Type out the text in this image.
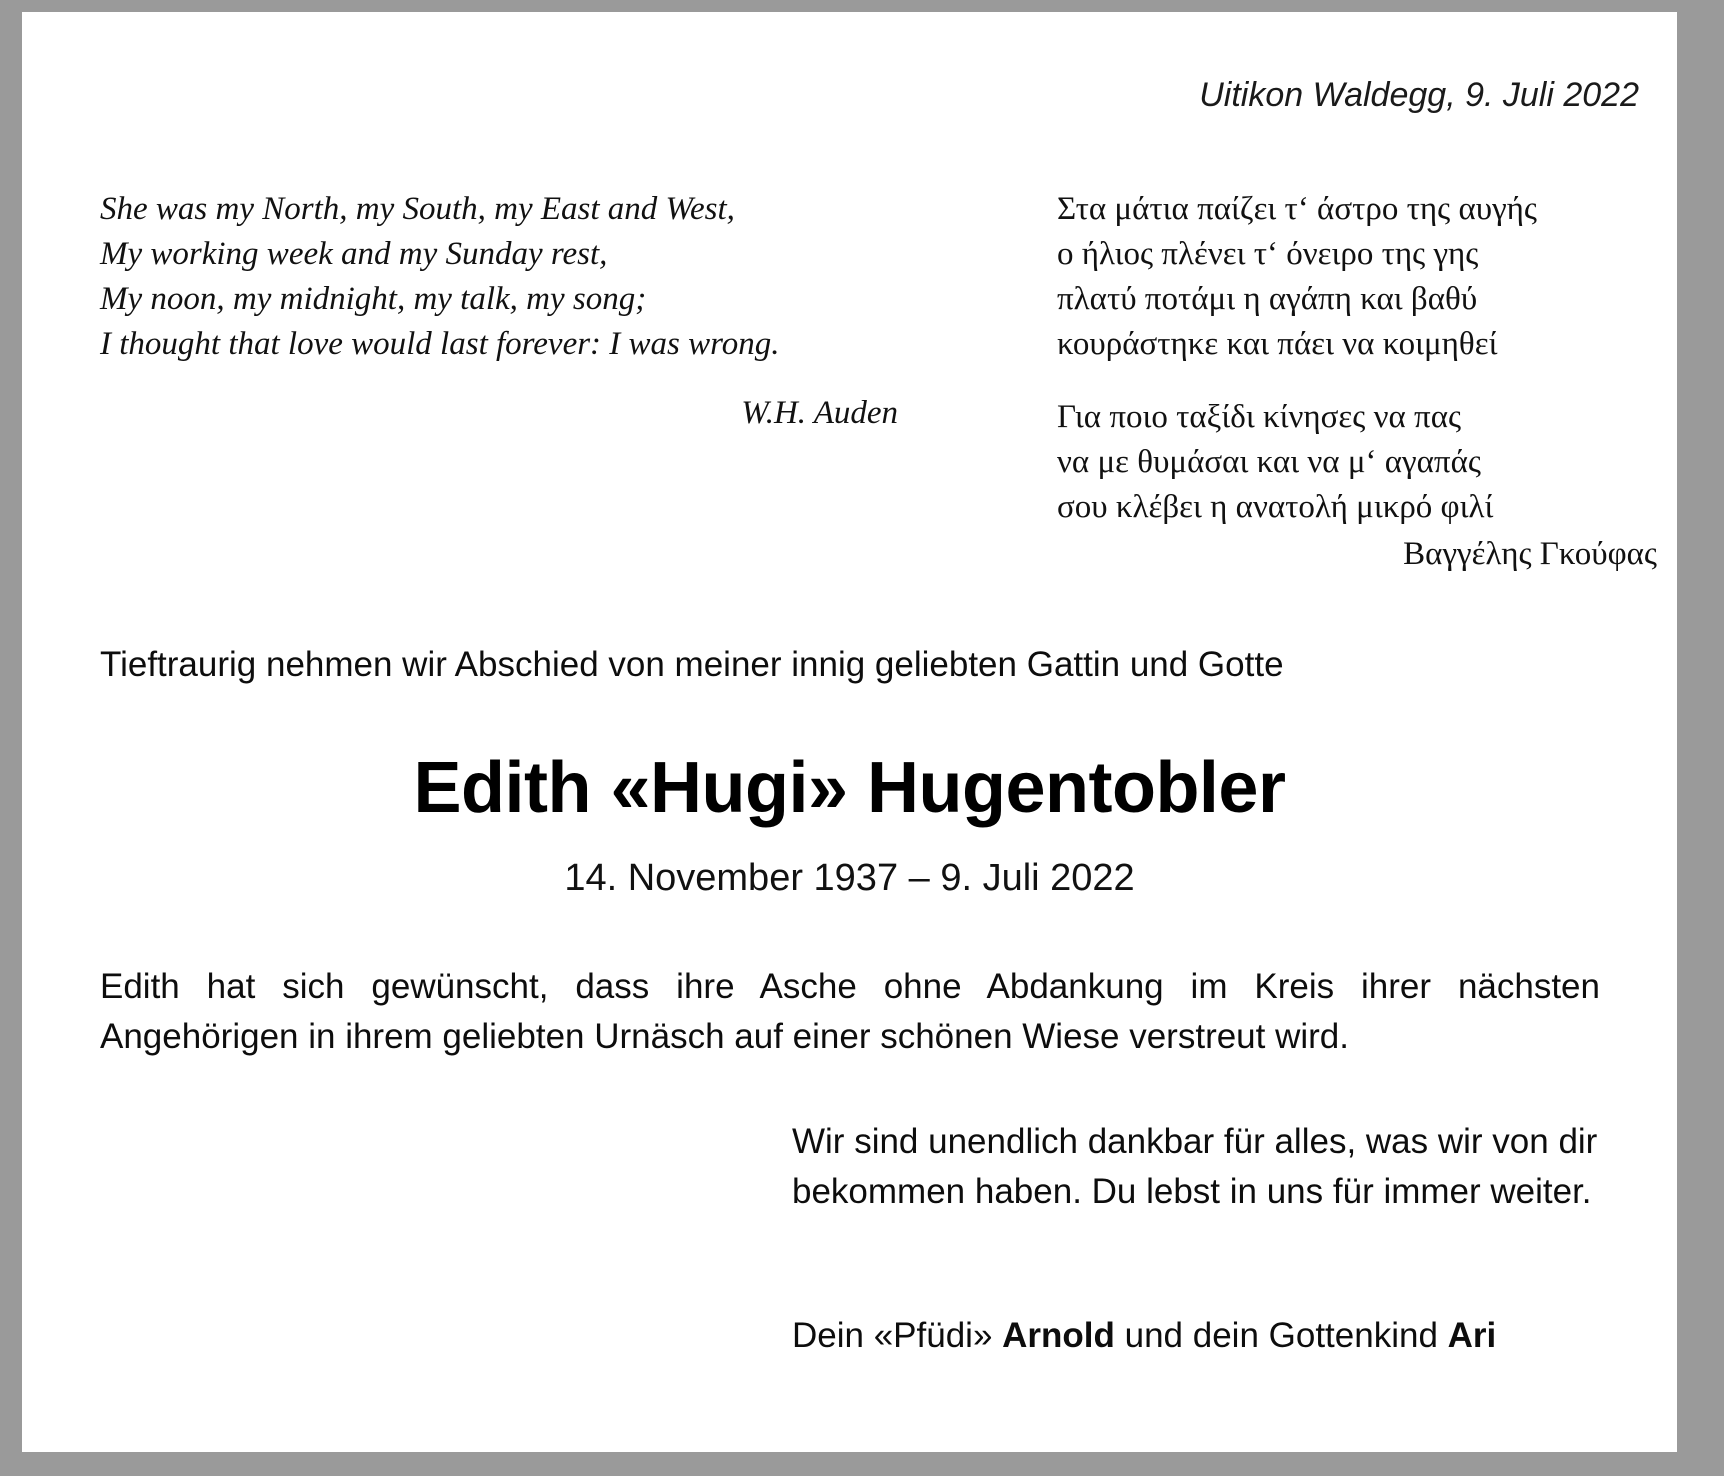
Uitikon Waldegg, 9. Juli 2022
She was my North, my South, my East and West,
My working week and my Sunday rest,
My noon, my midnight, my talk, my song;
I thought that love would last forever: I was wrong.
W.H. Auden
Στα μάτια παίζει τʻ άστρο της αυγής
ο ήλιος πλένει τʻ όνειρο της γης
πλατύ ποτάμι η αγάπη και βαθύ
κουράστηκε και πάει να κοιμηθεί
Για ποιο ταξίδι κίνησες να πας
να με θυμάσαι και να μʻ αγαπάς
σου κλέβει η ανατολή μικρό φιλί
Βαγγέλης Γκούφας
Tieftraurig nehmen wir Abschied von meiner innig geliebten Gattin und Gotte
Edith «Hugi» Hugentobler
14. November 1937 – 9. Juli 2022
Edith hat sich gewünscht, dass ihre Asche ohne Abdankung im Kreis ihrer nächsten Angehörigen in ihrem geliebten Urnäsch auf einer schönen Wiese verstreut wird.
Wir sind unendlich dankbar für alles, was wir von dir bekommen haben. Du lebst in uns für immer weiter.
Dein «Pfüdi» Arnold und dein Gottenkind Ari
